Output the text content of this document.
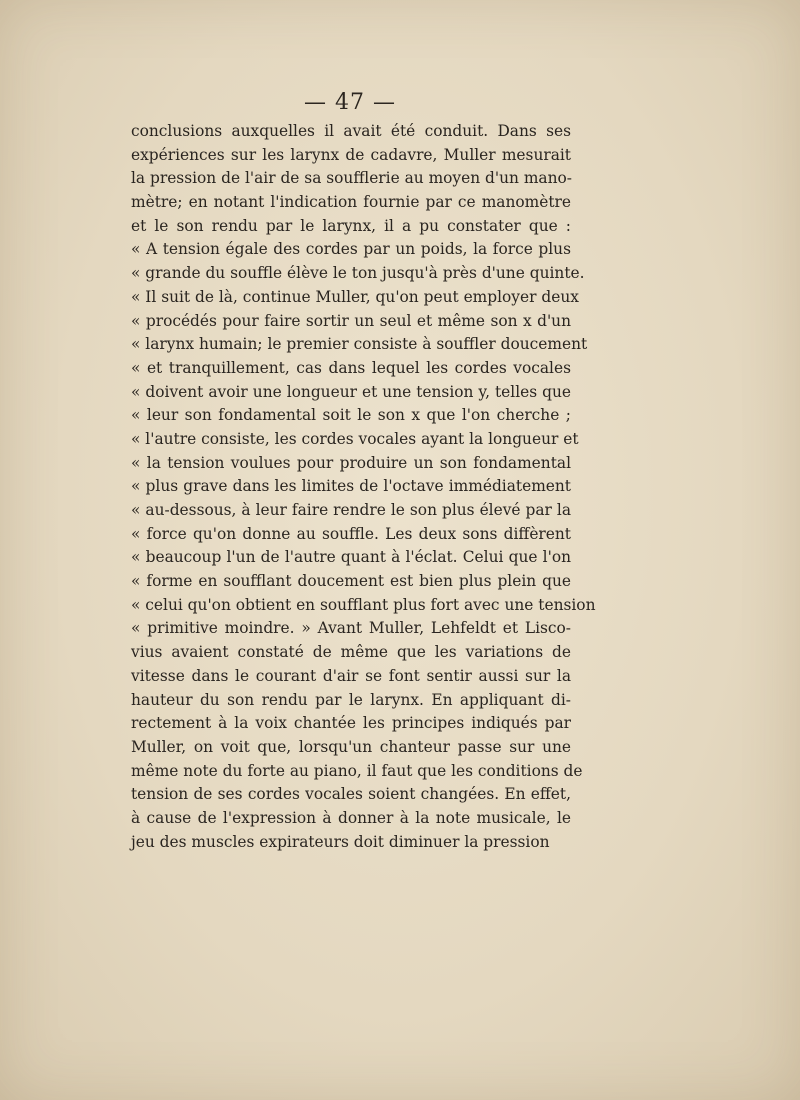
— 47 —
conclusions auxquelles il avait été conduit. Dans ses
expériences sur les larynx de cadavre, Muller mesurait
la pression de l'air de sa soufflerie au moyen d'un mano-
mètre; en notant l'indication fournie par ce manomètre
et le son rendu par le larynx, il a pu constater que :
« A tension égale des cordes par un poids, la force plus
« grande du souffle élève le ton jusqu'à près d'une quinte.
« Il suit de là, continue Muller, qu'on peut employer deux
« procédés pour faire sortir un seul et même son x d'un
« larynx humain; le premier consiste à souffler doucement
« et tranquillement, cas dans lequel les cordes vocales
« doivent avoir une longueur et une tension y, telles que
« leur son fondamental soit le son x que l'on cherche ;
« l'autre consiste, les cordes vocales ayant la longueur et
« la tension voulues pour produire un son fondamental
« plus grave dans les limites de l'octave immédiatement
« au-dessous, à leur faire rendre le son plus élevé par la
« force qu'on donne au souffle. Les deux sons diffèrent
« beaucoup l'un de l'autre quant à l'éclat. Celui que l'on
« forme en soufflant doucement est bien plus plein que
« celui qu'on obtient en soufflant plus fort avec une tension
« primitive moindre. » Avant Muller, Lehfeldt et Lisco-
vius avaient constaté de même que les variations de
vitesse dans le courant d'air se font sentir aussi sur la
hauteur du son rendu par le larynx. En appliquant di-
rectement à la voix chantée les principes indiqués par
Muller, on voit que, lorsqu'un chanteur passe sur une
même note du forte au piano, il faut que les conditions de
tension de ses cordes vocales soient changées. En effet,
à cause de l'expression à donner à la note musicale, le
jeu des muscles expirateurs doit diminuer la pression
